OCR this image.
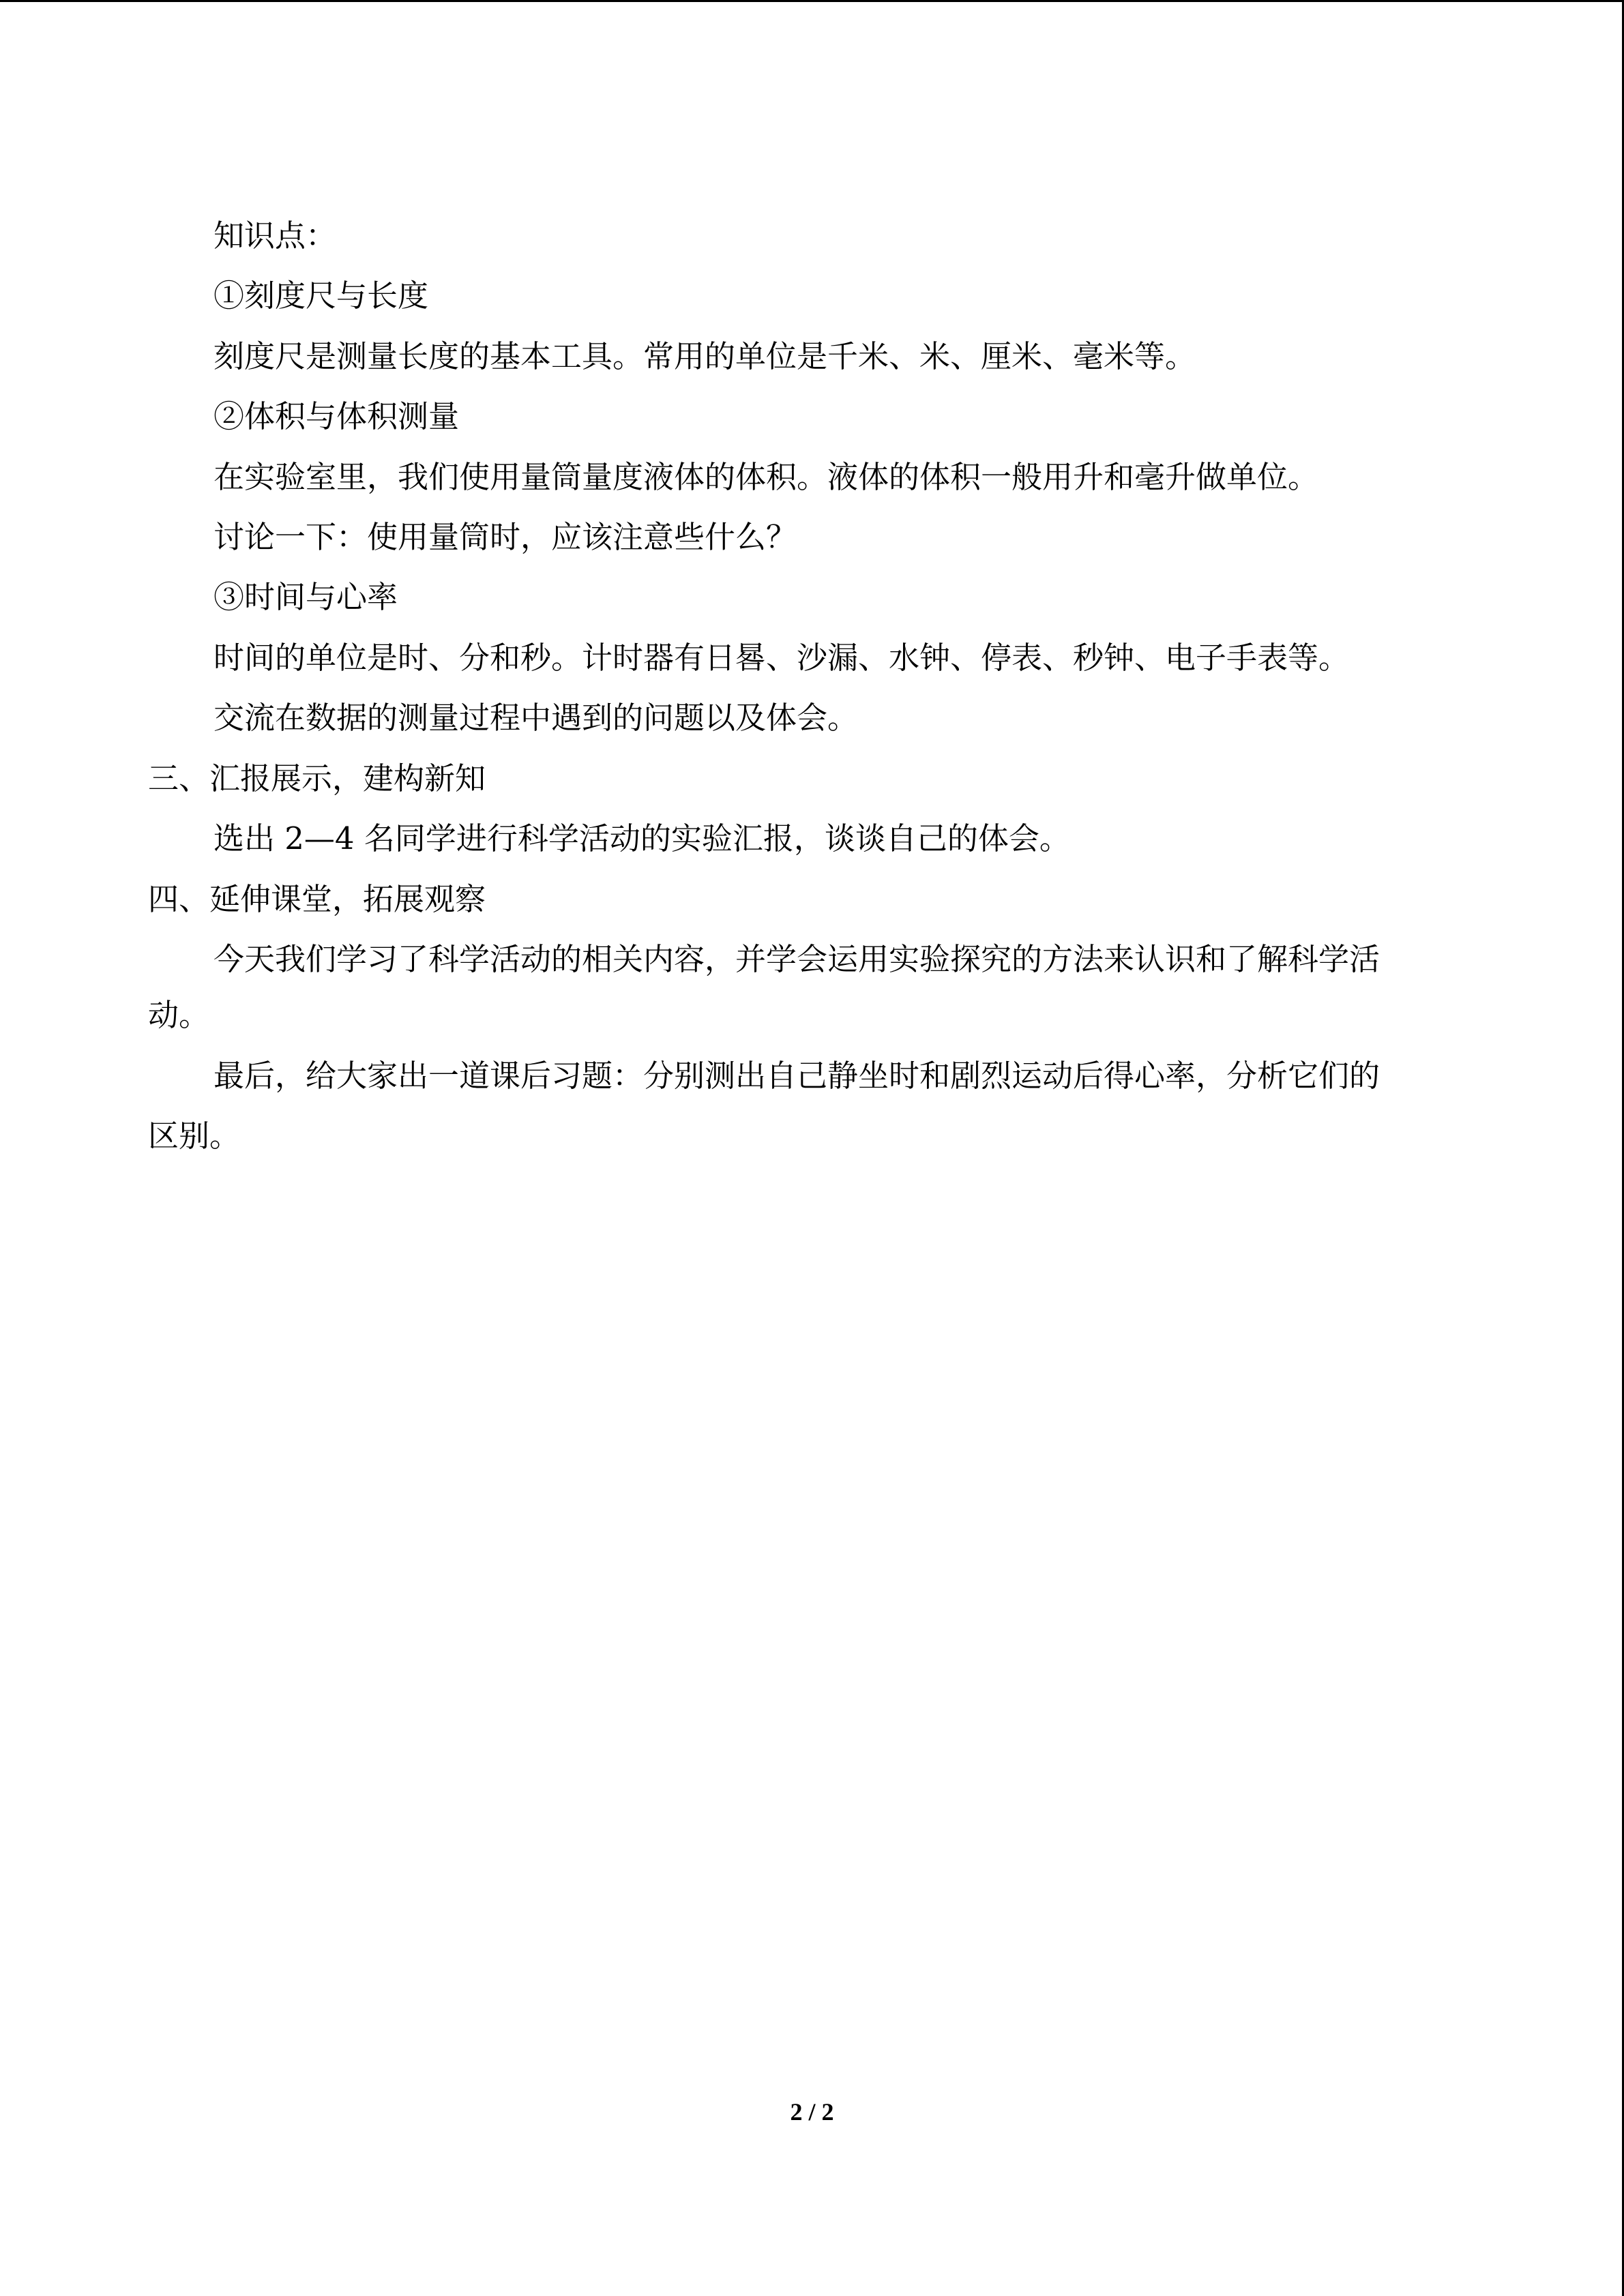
知识点：
①刻度尺与长度
刻度尺是测量长度的基本工具。常用的单位是千米、米、厘米、毫米等。
②体积与体积测量
在实验室里，我们使用量筒量度液体的体积。液体的体积一般用升和毫升做单位。
讨论一下：使用量筒时，应该注意些什么？
③时间与心率
时间的单位是时、分和秒。计时器有日晷、沙漏、水钟、停表、秒钟、电子手表等。
交流在数据的测量过程中遇到的问题以及体会。
三、汇报展示，建构新知
选出 2—4 名同学进行科学活动的实验汇报，谈谈自己的体会。
四、延伸课堂，拓展观察
今天我们学习了科学活动的相关内容，并学会运用实验探究的方法来认识和了解科学活
动。
最后，给大家出一道课后习题：分别测出自己静坐时和剧烈运动后得心率，分析它们的
区别。
2 / 2
